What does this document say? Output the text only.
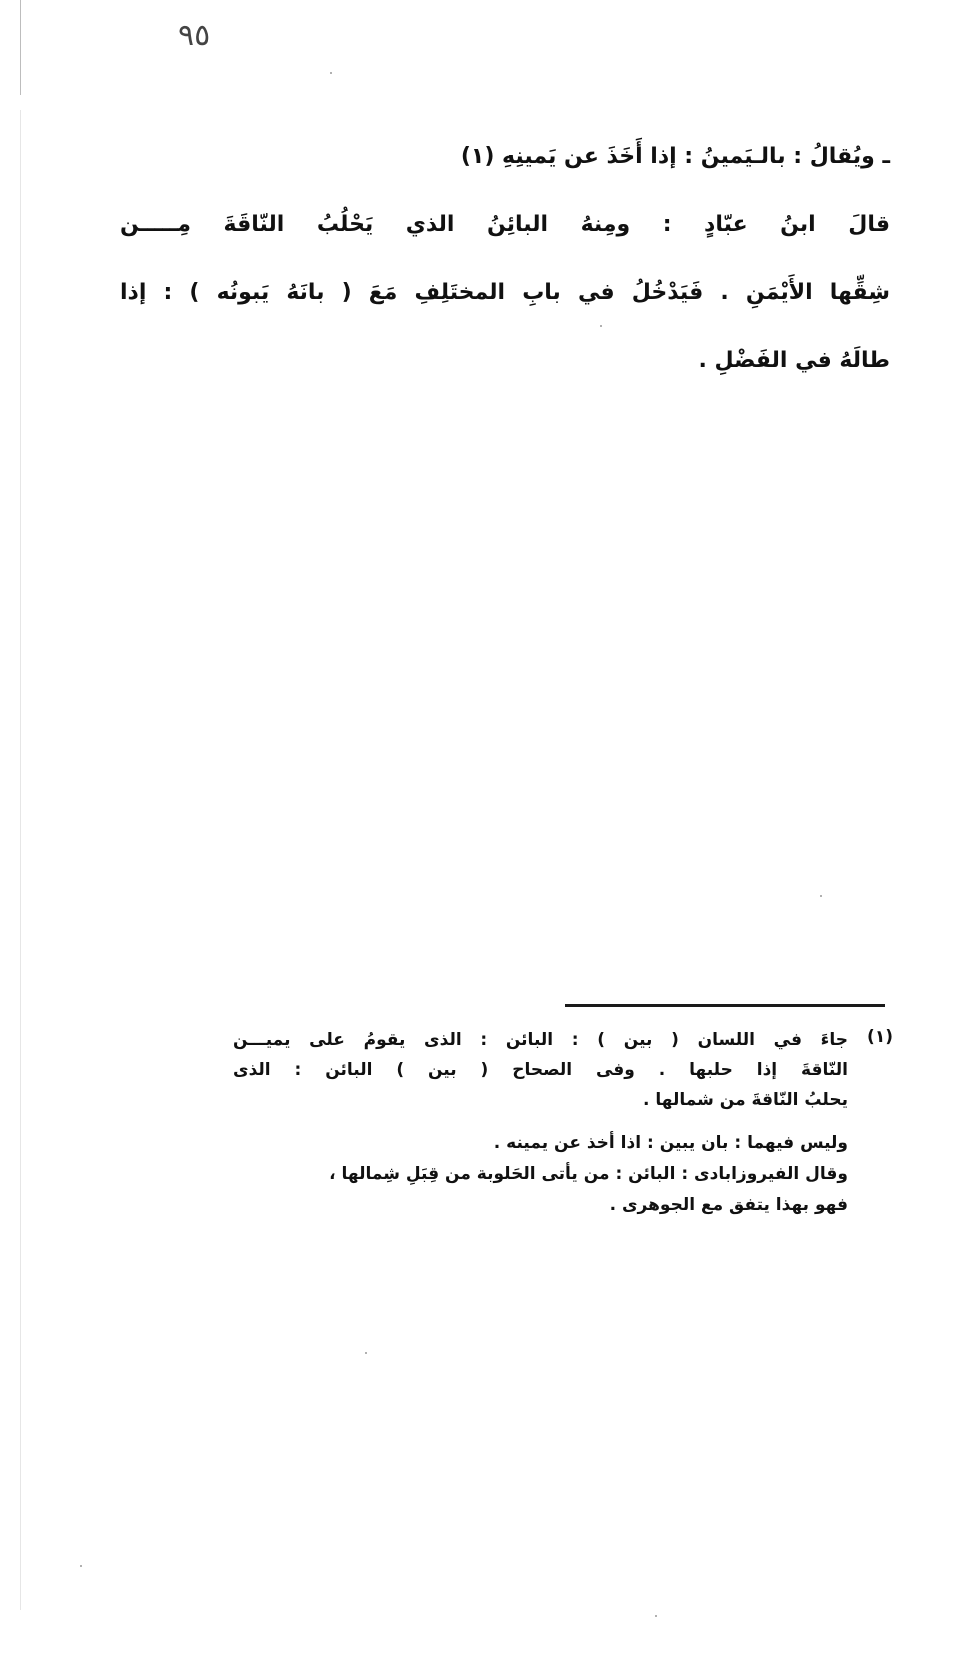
٩٥
ـ ويُقالُ : بالـيَمينُ : إذا أَخَذَ عن يَمينِهِ (١)
قالَ ابنُ عبّادٍ : ومِنهُ البائِنُ الذي يَحْلُبُ النّاقَةَ مِـــــن
شِقِّها الأَيْمَنِ . فَيَدْخُلُ في بابِ المختَلِفِ مَعَ ( بانَهُ يَبونُه ) : إذا
طالَهُ في الفَضْلِ .
(١)
جاءَ في اللسان ( بين ) : البائن : الذى يقومُ على يميـــن
النّاقةَ إذا حلبها . وفى الصحاح ( بين ) البائن : الذى
يحلبُ النّاقةَ من شمالها .
وليس فيهما : بان يبين : اذا أخذ عن يمينه .
وقال الفيروزابادى : البائن : من يأتى الحَلوبة من قِبَلِ شِمالها ،
فهو بهذا يتفق مع الجوهرى .
